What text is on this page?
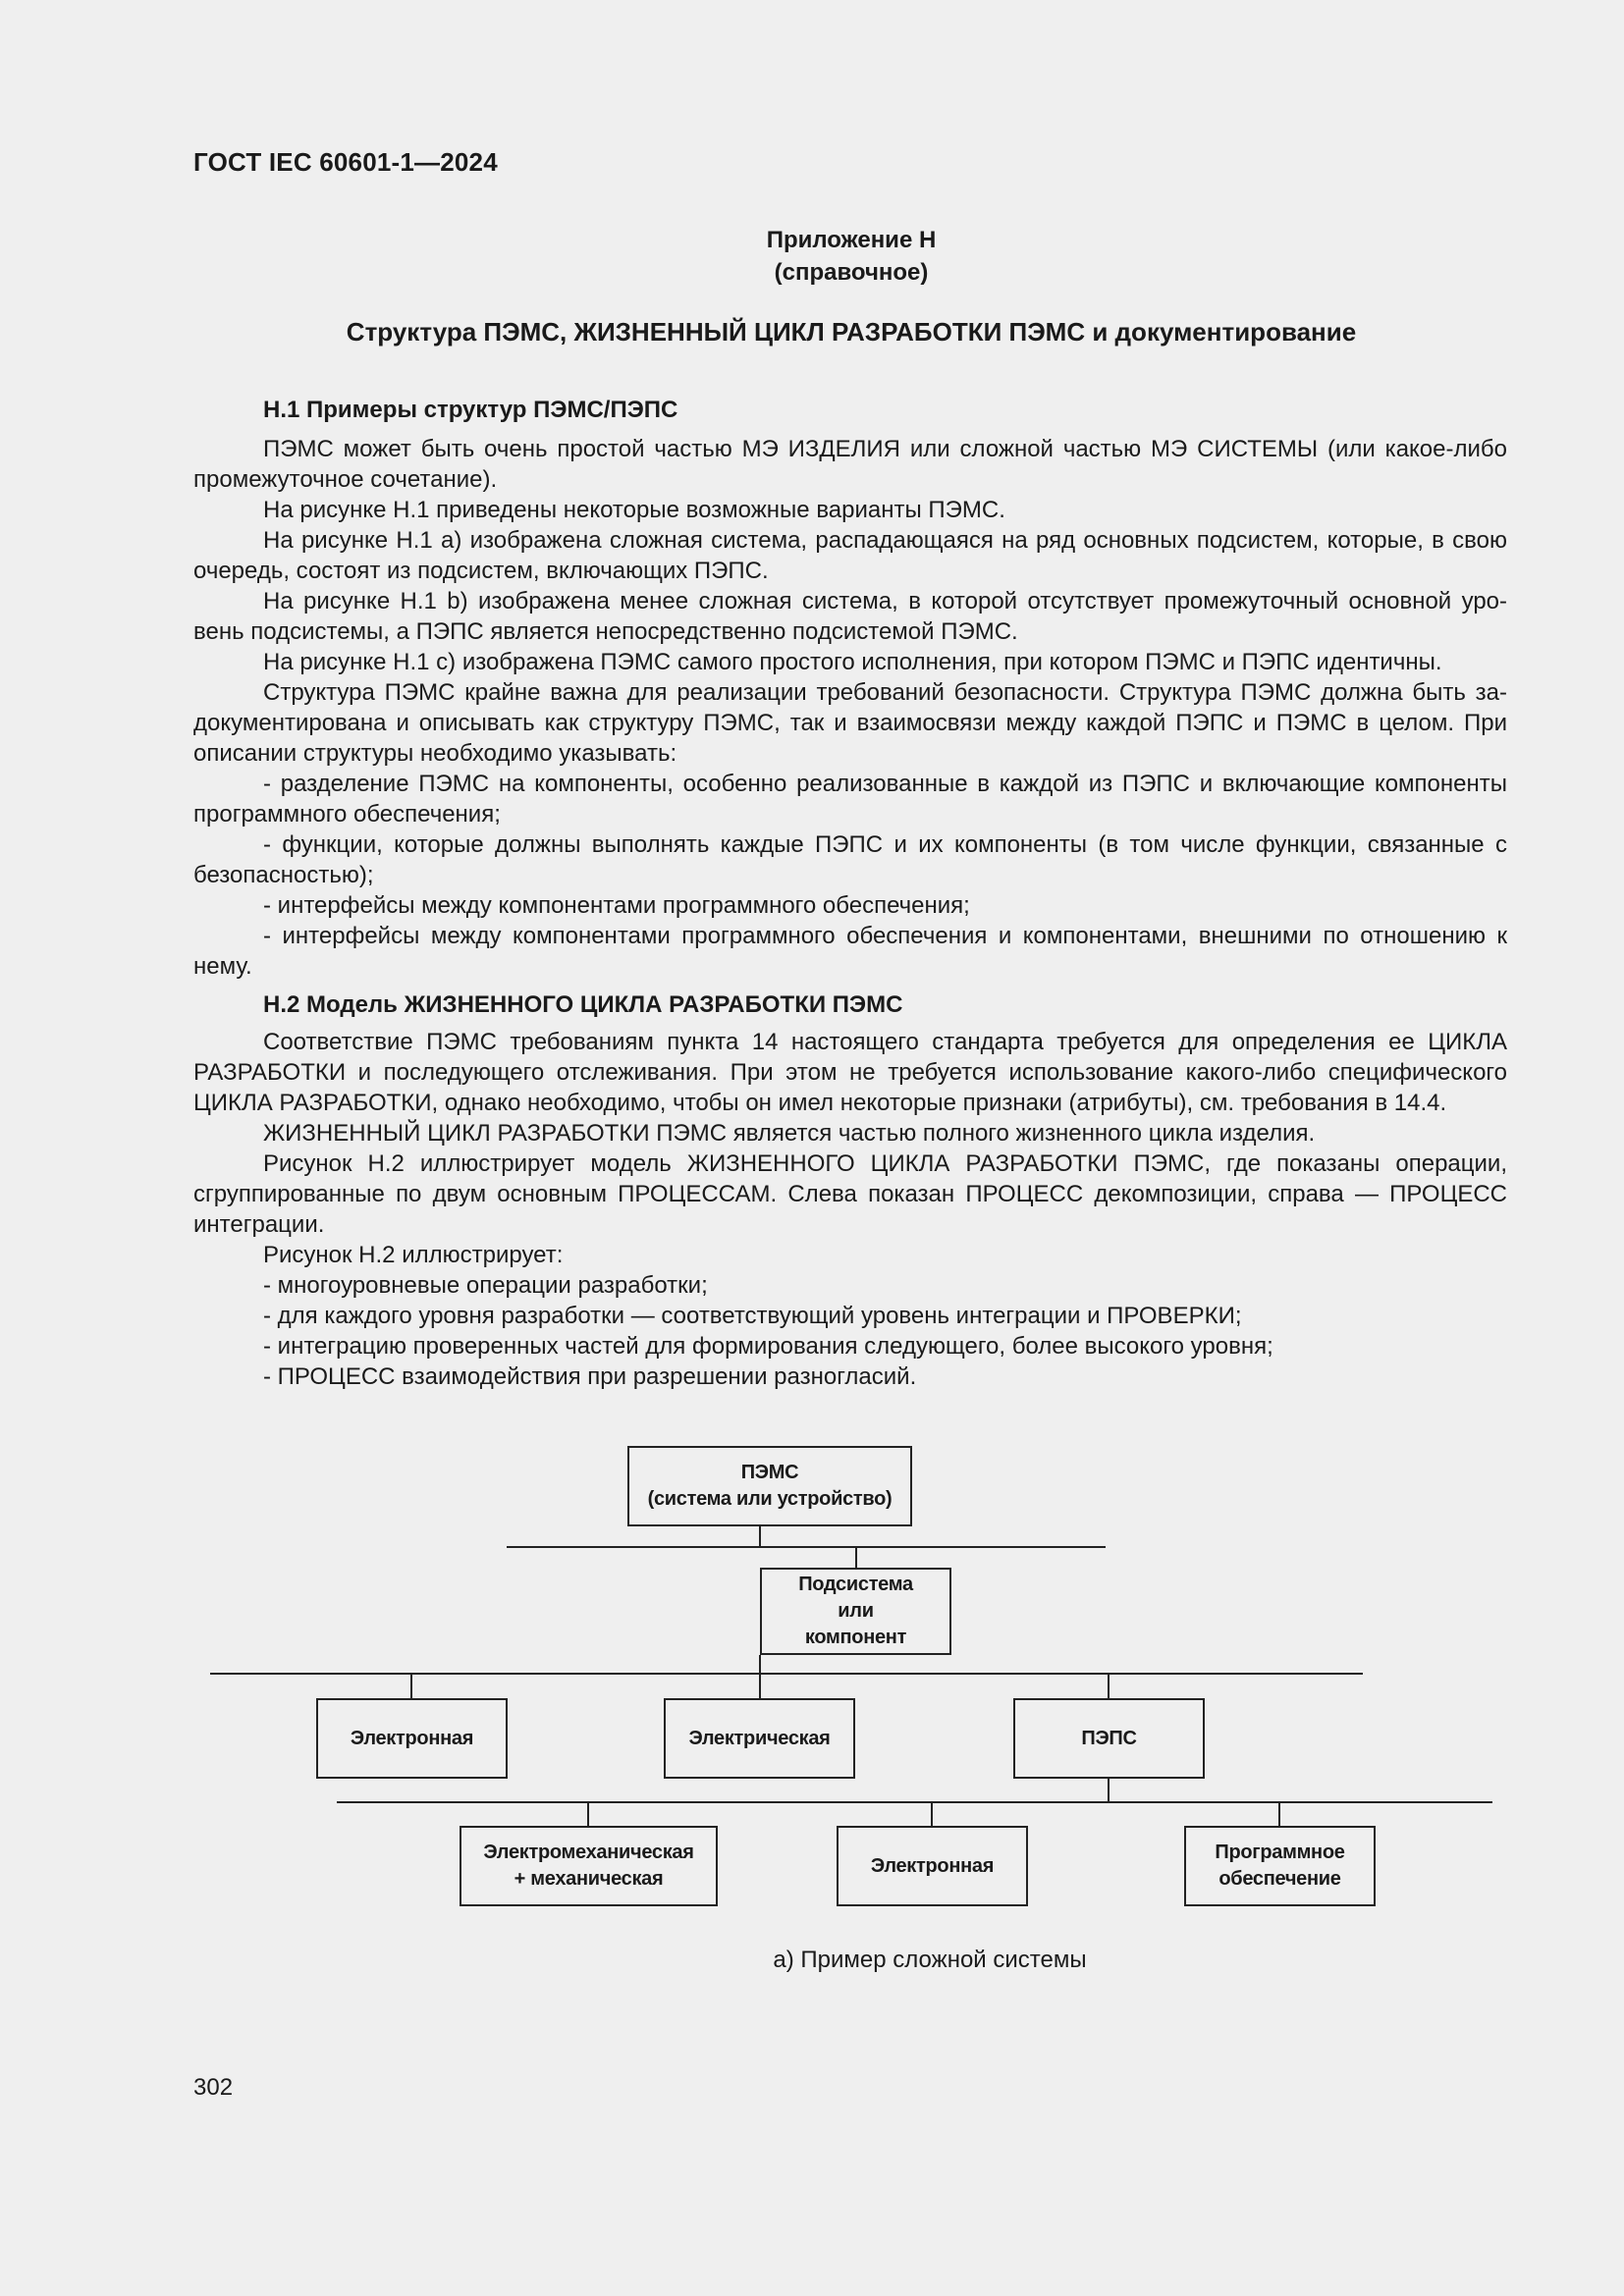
ГОСТ IEC 60601-1—2024
Приложение Н
(справочное)
Структура ПЭМС, ЖИЗНЕННЫЙ ЦИКЛ РАЗРАБОТКИ ПЭМС и документирование
Н.1 Примеры структур ПЭМС/ПЭПС

ПЭМС может быть очень простой частью МЭ ИЗДЕЛИЯ или сложной частью МЭ СИСТЕМЫ (или какое-либо промежуточное сочетание).

На рисунке Н.1 приведены некоторые возможные варианты ПЭМС.

На рисунке Н.1 а) изображена сложная система, распадающаяся на ряд основных подсистем, которые, в свою очередь, состоят из подсистем, включающих ПЭПС.

На рисунке Н.1 b) изображена менее сложная система, в которой отсутствует промежуточный основной уро-вень подсистемы, а ПЭПС является непосредственно подсистемой ПЭМС.

На рисунке Н.1 с) изображена ПЭМС самого простого исполнения, при котором ПЭМС и ПЭПС идентичны.

Структура ПЭМС крайне важна для реализации требований безопасности. Структура ПЭМС должна быть за-документирована и описывать как структуру ПЭМС, так и взаимосвязи между каждой ПЭПС и ПЭМС в целом. При описании структуры необходимо указывать:

- разделение ПЭМС на компоненты, особенно реализованные в каждой из ПЭПС и включающие компоненты программного обеспечения;

- функции, которые должны выполнять каждые ПЭПС и их компоненты (в том числе функции, связанные с безопасностью);

- интерфейсы между компонентами программного обеспечения;

- интерфейсы между компонентами программного обеспечения и компонентами, внешними по отношению к нему.

Н.2 Модель ЖИЗНЕННОГО ЦИКЛА РАЗРАБОТКИ ПЭМС

Соответствие ПЭМС требованиям пункта 14 настоящего стандарта требуется для определения ее ЦИКЛА РАЗРАБОТКИ и последующего отслеживания. При этом не требуется использование какого-либо специфического ЦИКЛА РАЗРАБОТКИ, однако необходимо, чтобы он имел некоторые признаки (атрибуты), см. требования в 14.4.

ЖИЗНЕННЫЙ ЦИКЛ РАЗРАБОТКИ ПЭМС является частью полного жизненного цикла изделия.

Рисунок Н.2 иллюстрирует модель ЖИЗНЕННОГО ЦИКЛА РАЗРАБОТКИ ПЭМС, где показаны операции, сгруппированные по двум основным ПРОЦЕССАМ. Слева показан ПРОЦЕСС декомпозиции, справа — ПРОЦЕСС интеграции.

Рисунок Н.2 иллюстрирует:

- многоуровневые операции разработки;

- для каждого уровня разработки — соответствующий уровень интеграции и ПРОВЕРКИ;

- интеграцию проверенных частей для формирования следующего, более высокого уровня;

- ПРОЦЕСС взаимодействия при разрешении разногласий.

ПЭМС
(система или устройство)
Подсистема
или
компонент
Электронная	Электрическая	ПЭПС
Электромеханическая
+ механическая
Электронная
Программное
обеспечение
а) Пример сложной системы
302
